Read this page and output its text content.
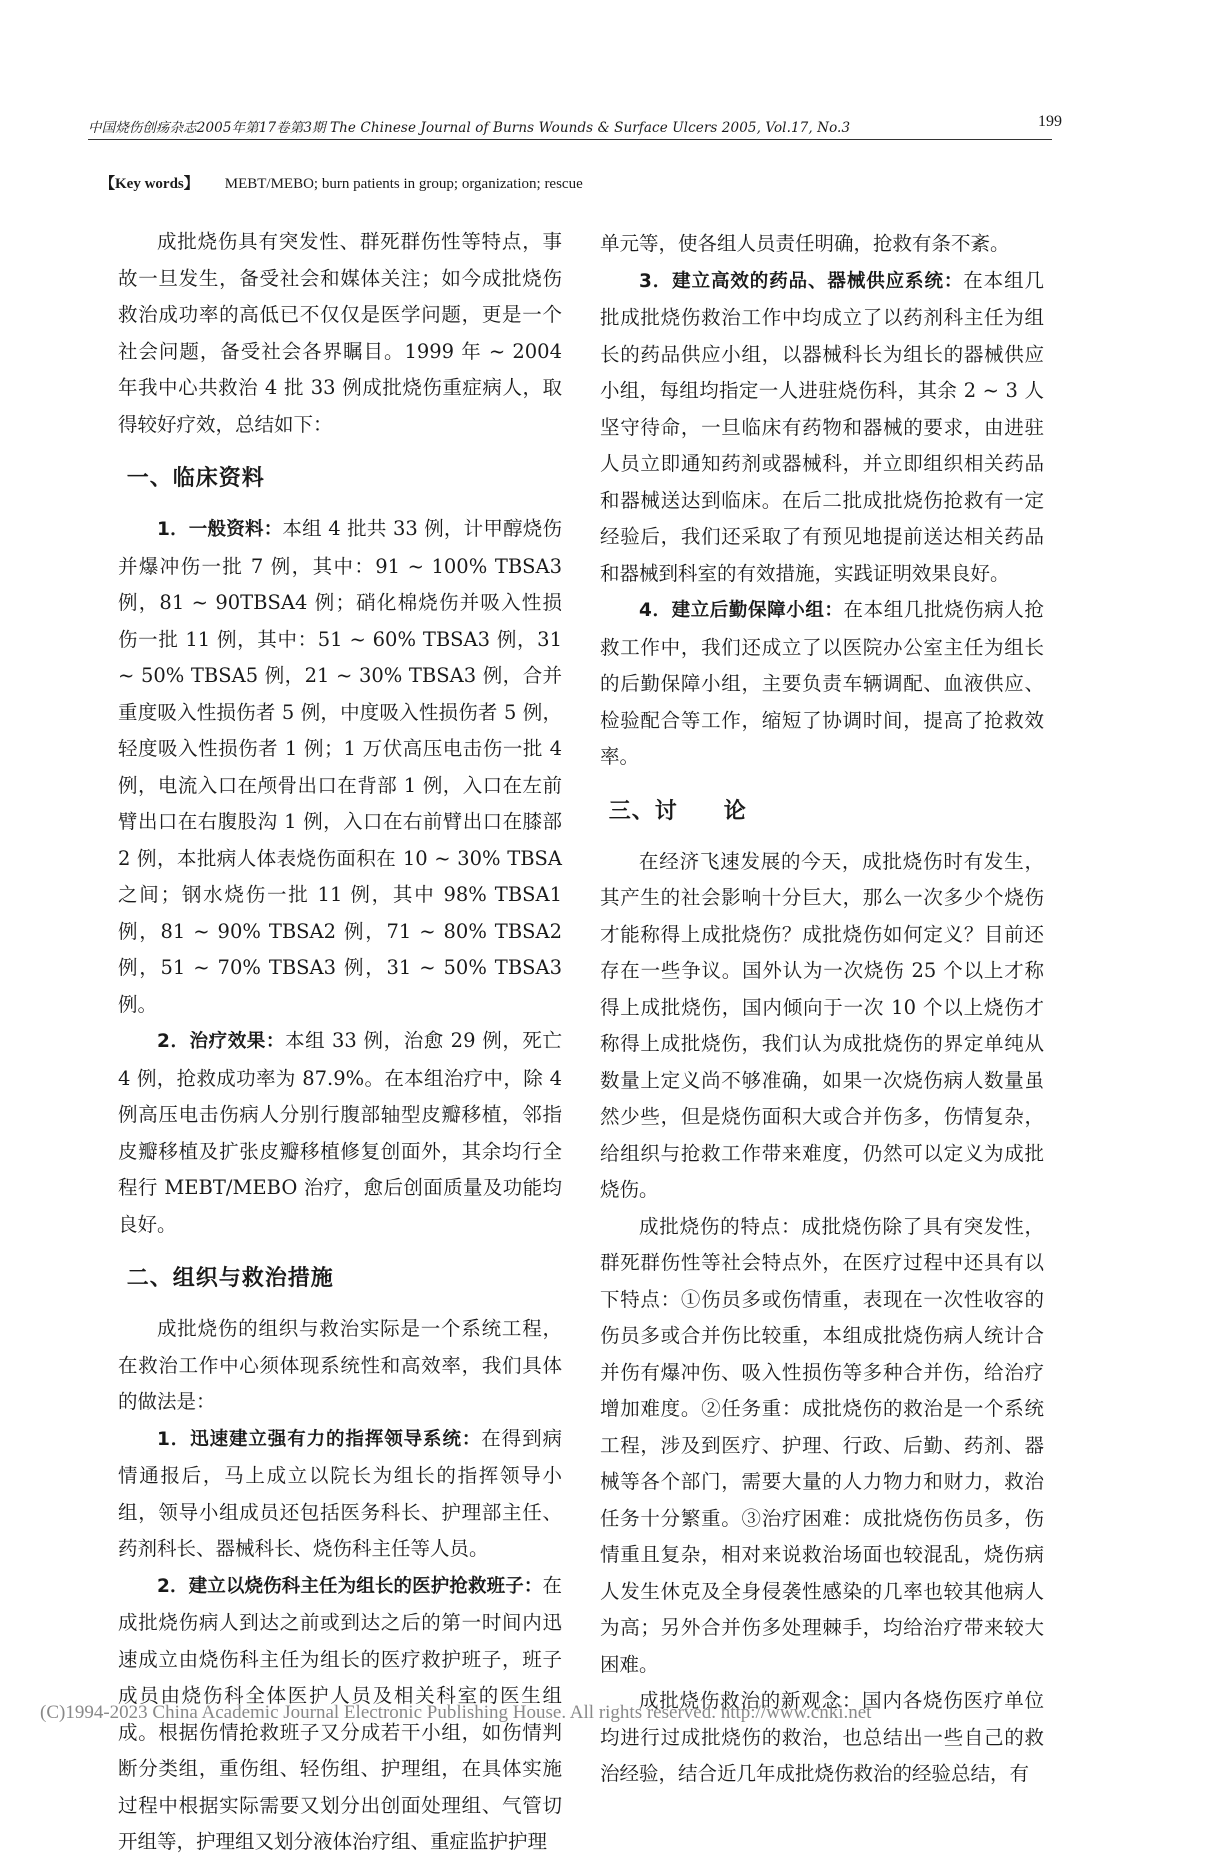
中国烧伤创疡杂志2005年第17卷第3期 The Chinese Journal of Burns Wounds & Surface Ulcers 2005, Vol.17, No.3	199
【Key words】 MEBT/MEBO; burn patients in group; organization; rescue

成批烧伤具有突发性、群死群伤性等特点，事故一旦发生，备受社会和媒体关注；如今成批烧伤救治成功率的高低已不仅仅是医学问题，更是一个社会问题，备受社会各界瞩目。1999 年 ~ 2004 年我中心共救治 4 批 33 例成批烧伤重症病人，取得较好疗效，总结如下：

一、临床资料

1．一般资料：本组 4 批共 33 例，计甲醇烧伤并爆冲伤一批 7 例，其中：91 ~ 100% TBSA3 例，81 ~ 90TBSA4 例；硝化棉烧伤并吸入性损伤一批 11 例，其中：51 ~ 60% TBSA3 例，31 ~ 50% TBSA5 例，21 ~ 30% TBSA3 例，合并重度吸入性损伤者 5 例，中度吸入性损伤者 5 例，轻度吸入性损伤者 1 例；1 万伏高压电击伤一批 4 例，电流入口在颅骨出口在背部 1 例，入口在左前臂出口在右腹股沟 1 例，入口在右前臂出口在膝部 2 例，本批病人体表烧伤面积在 10 ~ 30% TBSA 之间；钢水烧伤一批 11 例，其中 98% TBSA1 例，81 ~ 90% TBSA2 例，71 ~ 80% TBSA2 例，51 ~ 70% TBSA3 例，31 ~ 50% TBSA3 例。

2．治疗效果：本组 33 例，治愈 29 例，死亡 4 例，抢救成功率为 87.9%。在本组治疗中，除 4 例高压电击伤病人分别行腹部轴型皮瓣移植，邻指皮瓣移植及扩张皮瓣移植修复创面外，其余均行全程行 MEBT/MEBO 治疗，愈后创面质量及功能均良好。

二、组织与救治措施

成批烧伤的组织与救治实际是一个系统工程，在救治工作中心须体现系统性和高效率，我们具体的做法是：

1．迅速建立强有力的指挥领导系统：在得到病情通报后，马上成立以院长为组长的指挥领导小组，领导小组成员还包括医务科长、护理部主任、药剂科长、器械科长、烧伤科主任等人员。

2．建立以烧伤科主任为组长的医护抢救班子：在成批烧伤病人到达之前或到达之后的第一时间内迅速成立由烧伤科主任为组长的医疗救护班子，班子成员由烧伤科全体医护人员及相关科室的医生组成。根据伤情抢救班子又分成若干小组，如伤情判断分类组，重伤组、轻伤组、护理组，在具体实施过程中根据实际需要又划分出创面处理组、气管切开组等，护理组又划分液体治疗组、重症监护护理

单元等，使各组人员责任明确，抢救有条不紊。

3．建立高效的药品、器械供应系统：在本组几批成批烧伤救治工作中均成立了以药剂科主任为组长的药品供应小组，以器械科长为组长的器械供应小组，每组均指定一人进驻烧伤科，其余 2 ~ 3 人坚守待命，一旦临床有药物和器械的要求，由进驻人员立即通知药剂或器械科，并立即组织相关药品和器械送达到临床。在后二批成批烧伤抢救有一定经验后，我们还采取了有预见地提前送达相关药品和器械到科室的有效措施，实践证明效果良好。

4．建立后勤保障小组：在本组几批烧伤病人抢救工作中，我们还成立了以医院办公室主任为组长的后勤保障小组，主要负责车辆调配、血液供应、检验配合等工作，缩短了协调时间，提高了抢救效率。

三、讨　　论

在经济飞速发展的今天，成批烧伤时有发生，其产生的社会影响十分巨大，那么一次多少个烧伤才能称得上成批烧伤？成批烧伤如何定义？目前还存在一些争议。国外认为一次烧伤 25 个以上才称得上成批烧伤，国内倾向于一次 10 个以上烧伤才称得上成批烧伤，我们认为成批烧伤的界定单纯从数量上定义尚不够准确，如果一次烧伤病人数量虽然少些，但是烧伤面积大或合并伤多，伤情复杂，给组织与抢救工作带来难度，仍然可以定义为成批烧伤。

成批烧伤的特点：成批烧伤除了具有突发性，群死群伤性等社会特点外，在医疗过程中还具有以下特点：①伤员多或伤情重，表现在一次性收容的伤员多或合并伤比较重，本组成批烧伤病人统计合并伤有爆冲伤、吸入性损伤等多种合并伤，给治疗增加难度。②任务重：成批烧伤的救治是一个系统工程，涉及到医疗、护理、行政、后勤、药剂、器械等各个部门，需要大量的人力物力和财力，救治任务十分繁重。③治疗困难：成批烧伤伤员多，伤情重且复杂，相对来说救治场面也较混乱，烧伤病人发生休克及全身侵袭性感染的几率也较其他病人为高；另外合并伤多处理棘手，均给治疗带来较大困难。

成批烧伤救治的新观念：国内各烧伤医疗单位均进行过成批烧伤的救治，也总结出一些自己的救治经验，结合近几年成批烧伤救治的经验总结，有

(C)1994-2023 China Academic Journal Electronic Publishing House. All rights reserved. http://www.cnki.net
